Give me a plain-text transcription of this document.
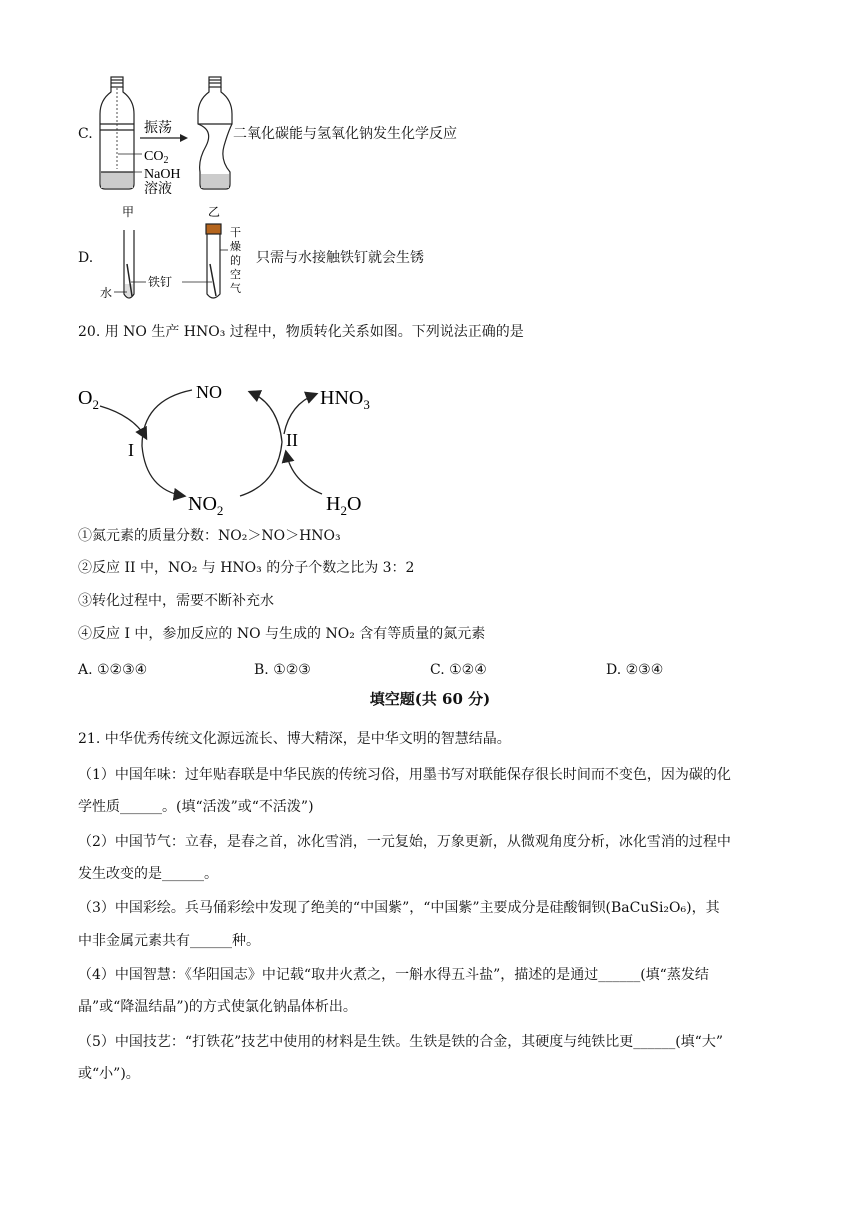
C.	振荡
$CO_2$
NaOH
溶液
二氧化碳能与氢氧化钠发生化学反应
D.
甲	乙
水
铁钉
干 燥 的 空 气
只需与水接触铁钉就会生锈
20. 用 NO 生产 HNO₃ 过程中，物质转化关系如图。下列说法正确的是
$O_2$
NO	$HNO_3$
$NO_2$	$H_2O$
I	II
①氮元素的质量分数：NO₂＞NO＞HNO₃
②反应 II 中，NO₂ 与 HNO₃ 的分子个数之比为 3：2
③转化过程中，需要不断补充水
④反应 I 中，参加反应的 NO 与生成的 NO₂ 含有等质量的氮元素
A. ①②③④	B. ①②③	C. ①②④	D. ②③④
填空题(共 60 分)
21. 中华优秀传统文化源远流长、博大精深，是中华文明的智慧结晶。
（1）中国年味：过年贴春联是中华民族的传统习俗，用墨书写对联能保存很长时间而不变色，因为碳的化
学性质______。(填“活泼”或“不活泼”)
（2）中国节气：立春，是春之首，冰化雪消，一元复始，万象更新，从微观角度分析，冰化雪消的过程中
发生改变的是______。
（3）中国彩绘。兵马俑彩绘中发现了绝美的“中国紫”，“中国紫”主要成分是硅酸铜钡(BaCuSi₂O₆)，其
中非金属元素共有______种。
（4）中国智慧：《华阳国志》中记载“取井火煮之，一斛水得五斗盐”，描述的是通过______(填“蒸发结
晶”或“降温结晶”)的方式使氯化钠晶体析出。
（5）中国技艺：“打铁花”技艺中使用的材料是生铁。生铁是铁的合金，其硬度与纯铁比更______(填“大”
或“小”)。
